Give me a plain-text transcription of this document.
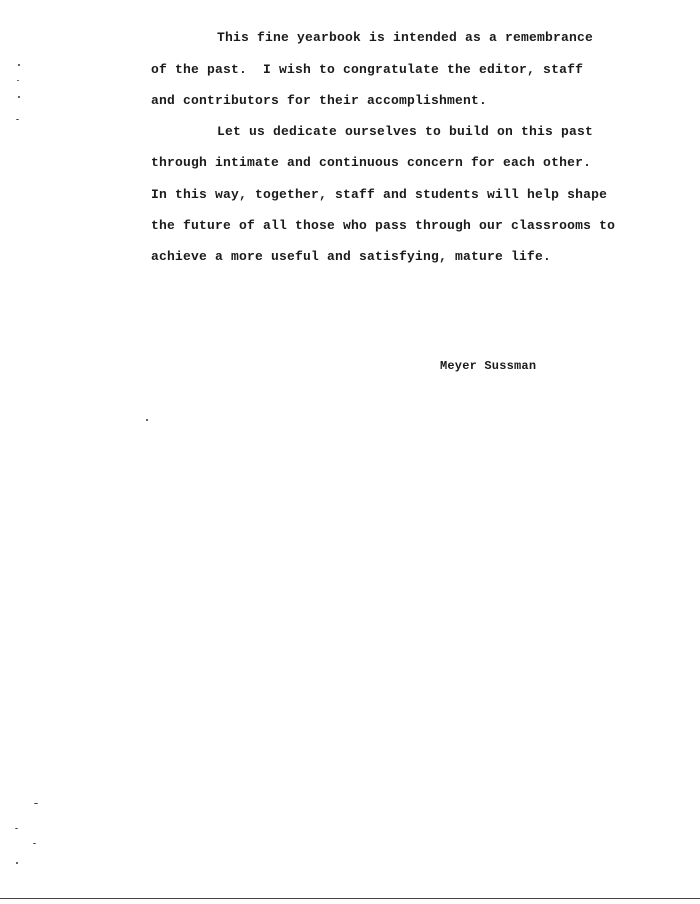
This fine yearbook is intended as a remembrance
of the past.  I wish to congratulate the editor, staff
and contributors for their accomplishment.
Let us dedicate ourselves to build on this past
through intimate and continuous concern for each other.
In this way, together, staff and students will help shape
the future of all those who pass through our classrooms to
achieve a more useful and satisfying, mature life.
Meyer Sussman
